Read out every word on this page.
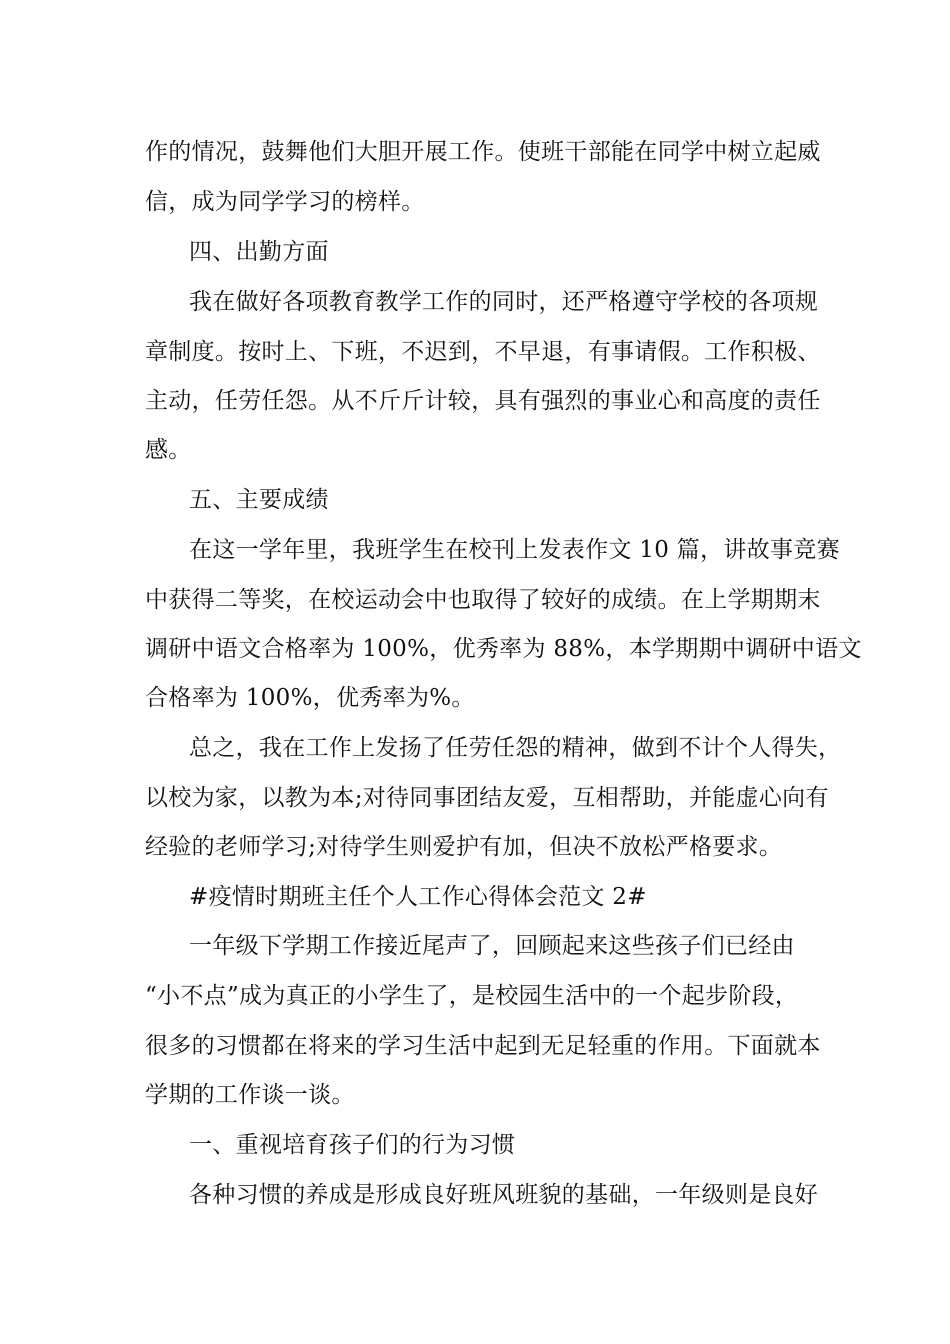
作的情况，鼓舞他们大胆开展工作。使班干部能在同学中树立起威

信，成为同学学习的榜样。

四、出勤方面

我在做好各项教育教学工作的同时，还严格遵守学校的各项规

章制度。按时上、下班，不迟到，不早退，有事请假。工作积极、

主动，任劳任怨。从不斤斤计较，具有强烈的事业心和高度的责任

感。

五、主要成绩

在这一学年里，我班学生在校刊上发表作文 10 篇，讲故事竞赛

中获得二等奖，在校运动会中也取得了较好的成绩。在上学期期末

调研中语文合格率为 100%，优秀率为 88%，本学期期中调研中语文

合格率为 100%，优秀率为%。

总之，我在工作上发扬了任劳任怨的精神，做到不计个人得失，

以校为家，以教为本;对待同事团结友爱，互相帮助，并能虚心向有

经验的老师学习;对待学生则爱护有加，但决不放松严格要求。

#疫情时期班主任个人工作心得体会范文 2#

一年级下学期工作接近尾声了，回顾起来这些孩子们已经由

“小不点”成为真正的小学生了，是校园生活中的一个起步阶段，

很多的习惯都在将来的学习生活中起到无足轻重的作用。下面就本

学期的工作谈一谈。

一、重视培育孩子们的行为习惯

各种习惯的养成是形成良好班风班貌的基础，一年级则是良好
